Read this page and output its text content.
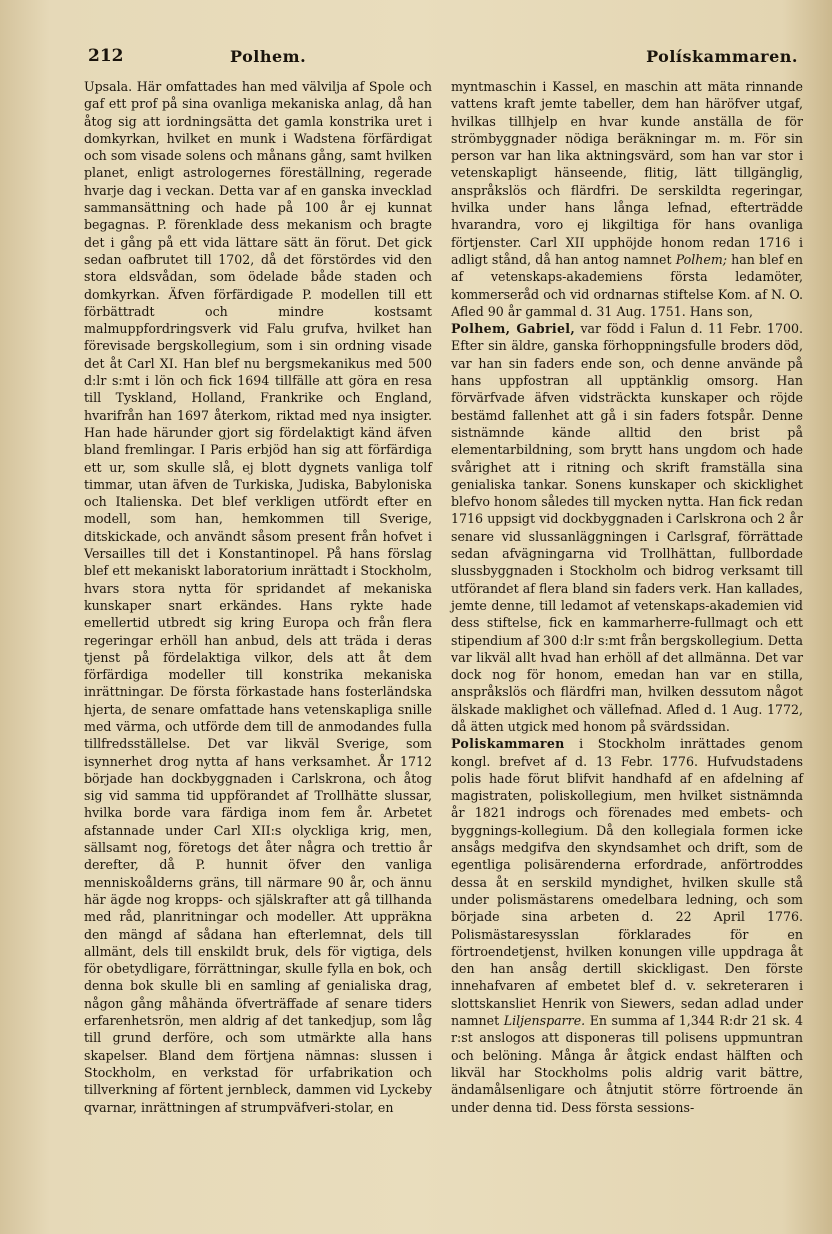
212	Polhem.	Polískammaren.

Upsala. Här omfattades han med välvilja af Spole och gaf ett prof på sina ovanliga mekaniska anlag, då han åtog sig att iordningsätta det gamla konstrika uret i domkyrkan, hvilket en munk i Wadstena förfärdigat och som visade solens och månans gång, samt hvilken planet, enligt astrologernes föreställning, regerade hvarje dag i veckan. Detta var af en ganska invecklad sammansättning och hade på 100 år ej kunnat begagnas. P. förenklade dess mekanism och bragte det i gång på ett vida lättare sätt än förut. Det gick sedan oafbrutet till 1702, då det förstördes vid den stora eldsvådan, som ödelade både staden och domkyrkan. Äfven förfärdigade P. modellen till ett förbättradt och mindre kostsamt malmuppfordringsverk vid Falu grufva, hvilket han förevisade bergskollegium, som i sin ordning visade det åt Carl XI. Han blef nu bergsmekanikus med 500 d:lr s:mt i lön och fick 1694 tillfälle att göra en resa till Tyskland, Holland, Frankrike och England, hvarifrån han 1697 återkom, riktad med nya insigter. Han hade härunder gjort sig fördelaktigt känd äfven bland fremlingar. I Paris erbjöd han sig att förfärdiga ett ur, som skulle slå, ej blott dygnets vanliga tolf timmar, utan äfven de Turkiska, Judiska, Babyloniska och Italienska. Det blef verkligen utfördt efter en modell, som han, hemkommen till Sverige, ditskickade, och användt såsom present från hofvet i Versailles till det i Konstantinopel. På hans förslag blef ett mekaniskt laboratorium inrättadt i Stockholm, hvars stora nytta för spridandet af mekaniska kunskaper snart erkändes. Hans rykte hade emellertid utbredt sig kring Europa och från flera regeringar erhöll han anbud, dels att träda i deras tjenst på fördelaktiga vilkor, dels att åt dem förfärdiga modeller till konstrika mekaniska inrättningar. De första förkastade hans fosterländska hjerta, de senare omfattade hans vetenskapliga snille med värma, och utförde dem till de anmodandes fulla tillfredsställelse. Det var likväl Sverige, som isynnerhet drog nytta af hans verksamhet. År 1712 började han dockbyggnaden i Carlskrona, och åtog sig vid samma tid uppförandet af Trollhätte slussar, hvilka borde vara färdiga inom fem år. Arbetet afstannade under Carl XII:s olyckliga krig, men, sällsamt nog, företogs det åter några och trettio år derefter, då P. hunnit öfver den vanliga menniskoålderns gräns, till närmare 90 år, och ännu här ägde nog kropps- och själskrafter att gå tillhanda med råd, planritningar och modeller. Att uppräkna den mängd af sådana han efterlemnat, dels till allmänt, dels till enskildt bruk, dels för vigtiga, dels för obetydligare, förrättningar, skulle fylla en bok, och denna bok skulle bli en samling af genialiska drag, någon gång måhända öfverträffade af senare tiders erfarenhetsrön, men aldrig af det tankedjup, som låg till grund derföre, och som utmärkte alla hans skapelser. Bland dem förtjena nämnas: slussen i Stockholm, en verkstad för urfabrikation och tillverkning af förtent jernbleck, dammen vid Lyckeby qvarnar, inrättningen af strumpväfveri-stolar, en

myntmaschin i Kassel, en maschin att mäta rinnande vattens kraft jemte tabeller, dem han häröfver utgaf, hvilkas tillhjelp en hvar kunde anställa de för strömbyggnader nödiga beräkningar m. m. För sin person var han lika aktningsvärd, som han var stor i vetenskapligt hänseende, flitig, lätt tillgänglig, anspråkslös och flärdfri. De serskildta regeringar, hvilka under hans långa lefnad, efterträdde hvarandra, voro ej likgiltiga för hans ovanliga förtjenster. Carl XII upphöjde honom redan 1716 i adligt stånd, då han antog namnet Polhem; han blef en af vetenskaps-akademiens första ledamöter, kommerseråd och vid ordnarnas stiftelse Kom. af N. O. Afled 90 år gammal d. 31 Aug. 1751. Hans son,

Polhem, Gabriel, var född i Falun d. 11 Febr. 1700. Efter sin äldre, ganska förhoppningsfulle broders död, var han sin faders ende son, och denne använde på hans uppfostran all upptänklig omsorg. Han förvärfvade äfven vidsträckta kunskaper och röjde bestämd fallenhet att gå i sin faders fotspår. Denne sistnämnde kände alltid den brist på elementarbildning, som brytt hans ungdom och hade svårighet att i ritning och skrift framställa sina genialiska tankar. Sonens kunskaper och skicklighet blefvo honom således till mycken nytta. Han fick redan 1716 uppsigt vid dockbyggnaden i Carlskrona och 2 år senare vid slussanläggningen i Carlsgraf, förrättade sedan afvägningarna vid Trollhättan, fullbordade slussbyggnaden i Stockholm och bidrog verksamt till utförandet af flera bland sin faders verk. Han kallades, jemte denne, till ledamot af vetenskaps-akademien vid dess stiftelse, fick en kammarherre-fullmagt och ett stipendium af 300 d:lr s:mt från bergskollegium. Detta var likväl allt hvad han erhöll af det allmänna. Det var dock nog för honom, emedan han var en stilla, anspråkslös och flärdfri man, hvilken dessutom något älskade maklighet och vällefnad. Afled d. 1 Aug. 1772, då ätten utgick med honom på svärdssidan.

Poliskammaren i Stockholm inrättades genom kongl. brefvet af d. 13 Febr. 1776. Hufvudstadens polis hade förut blifvit handhafd af en afdelning af magistraten, poliskollegium, men hvilket sistnämnda år 1821 indrogs och förenades med embets- och byggnings-kollegium. Då den kollegiala formen icke ansågs medgifva den skyndsamhet och drift, som de egentliga polisärenderna erfordrade, anförtroddes dessa åt en serskild myndighet, hvilken skulle stå under polismästarens omedelbara ledning, och som började sina arbeten d. 22 April 1776. Polismästaresysslan förklarades för en förtroendetjenst, hvilken konungen ville uppdraga åt den han ansåg dertill skickligast. Den förste innehafvaren af embetet blef d. v. sekreteraren i slottskansliet Henrik von Siewers, sedan adlad under namnet Liljensparre. En summa af 1,344 R:dr 21 sk. 4 r:st anslogos att disponeras till polisens uppmuntran och belöning. Många år åtgick endast hälften och likväl har Stockholms polis aldrig varit bättre, ändamålsenligare och åtnjutit större förtroende än under denna tid. Dess första sessions-
